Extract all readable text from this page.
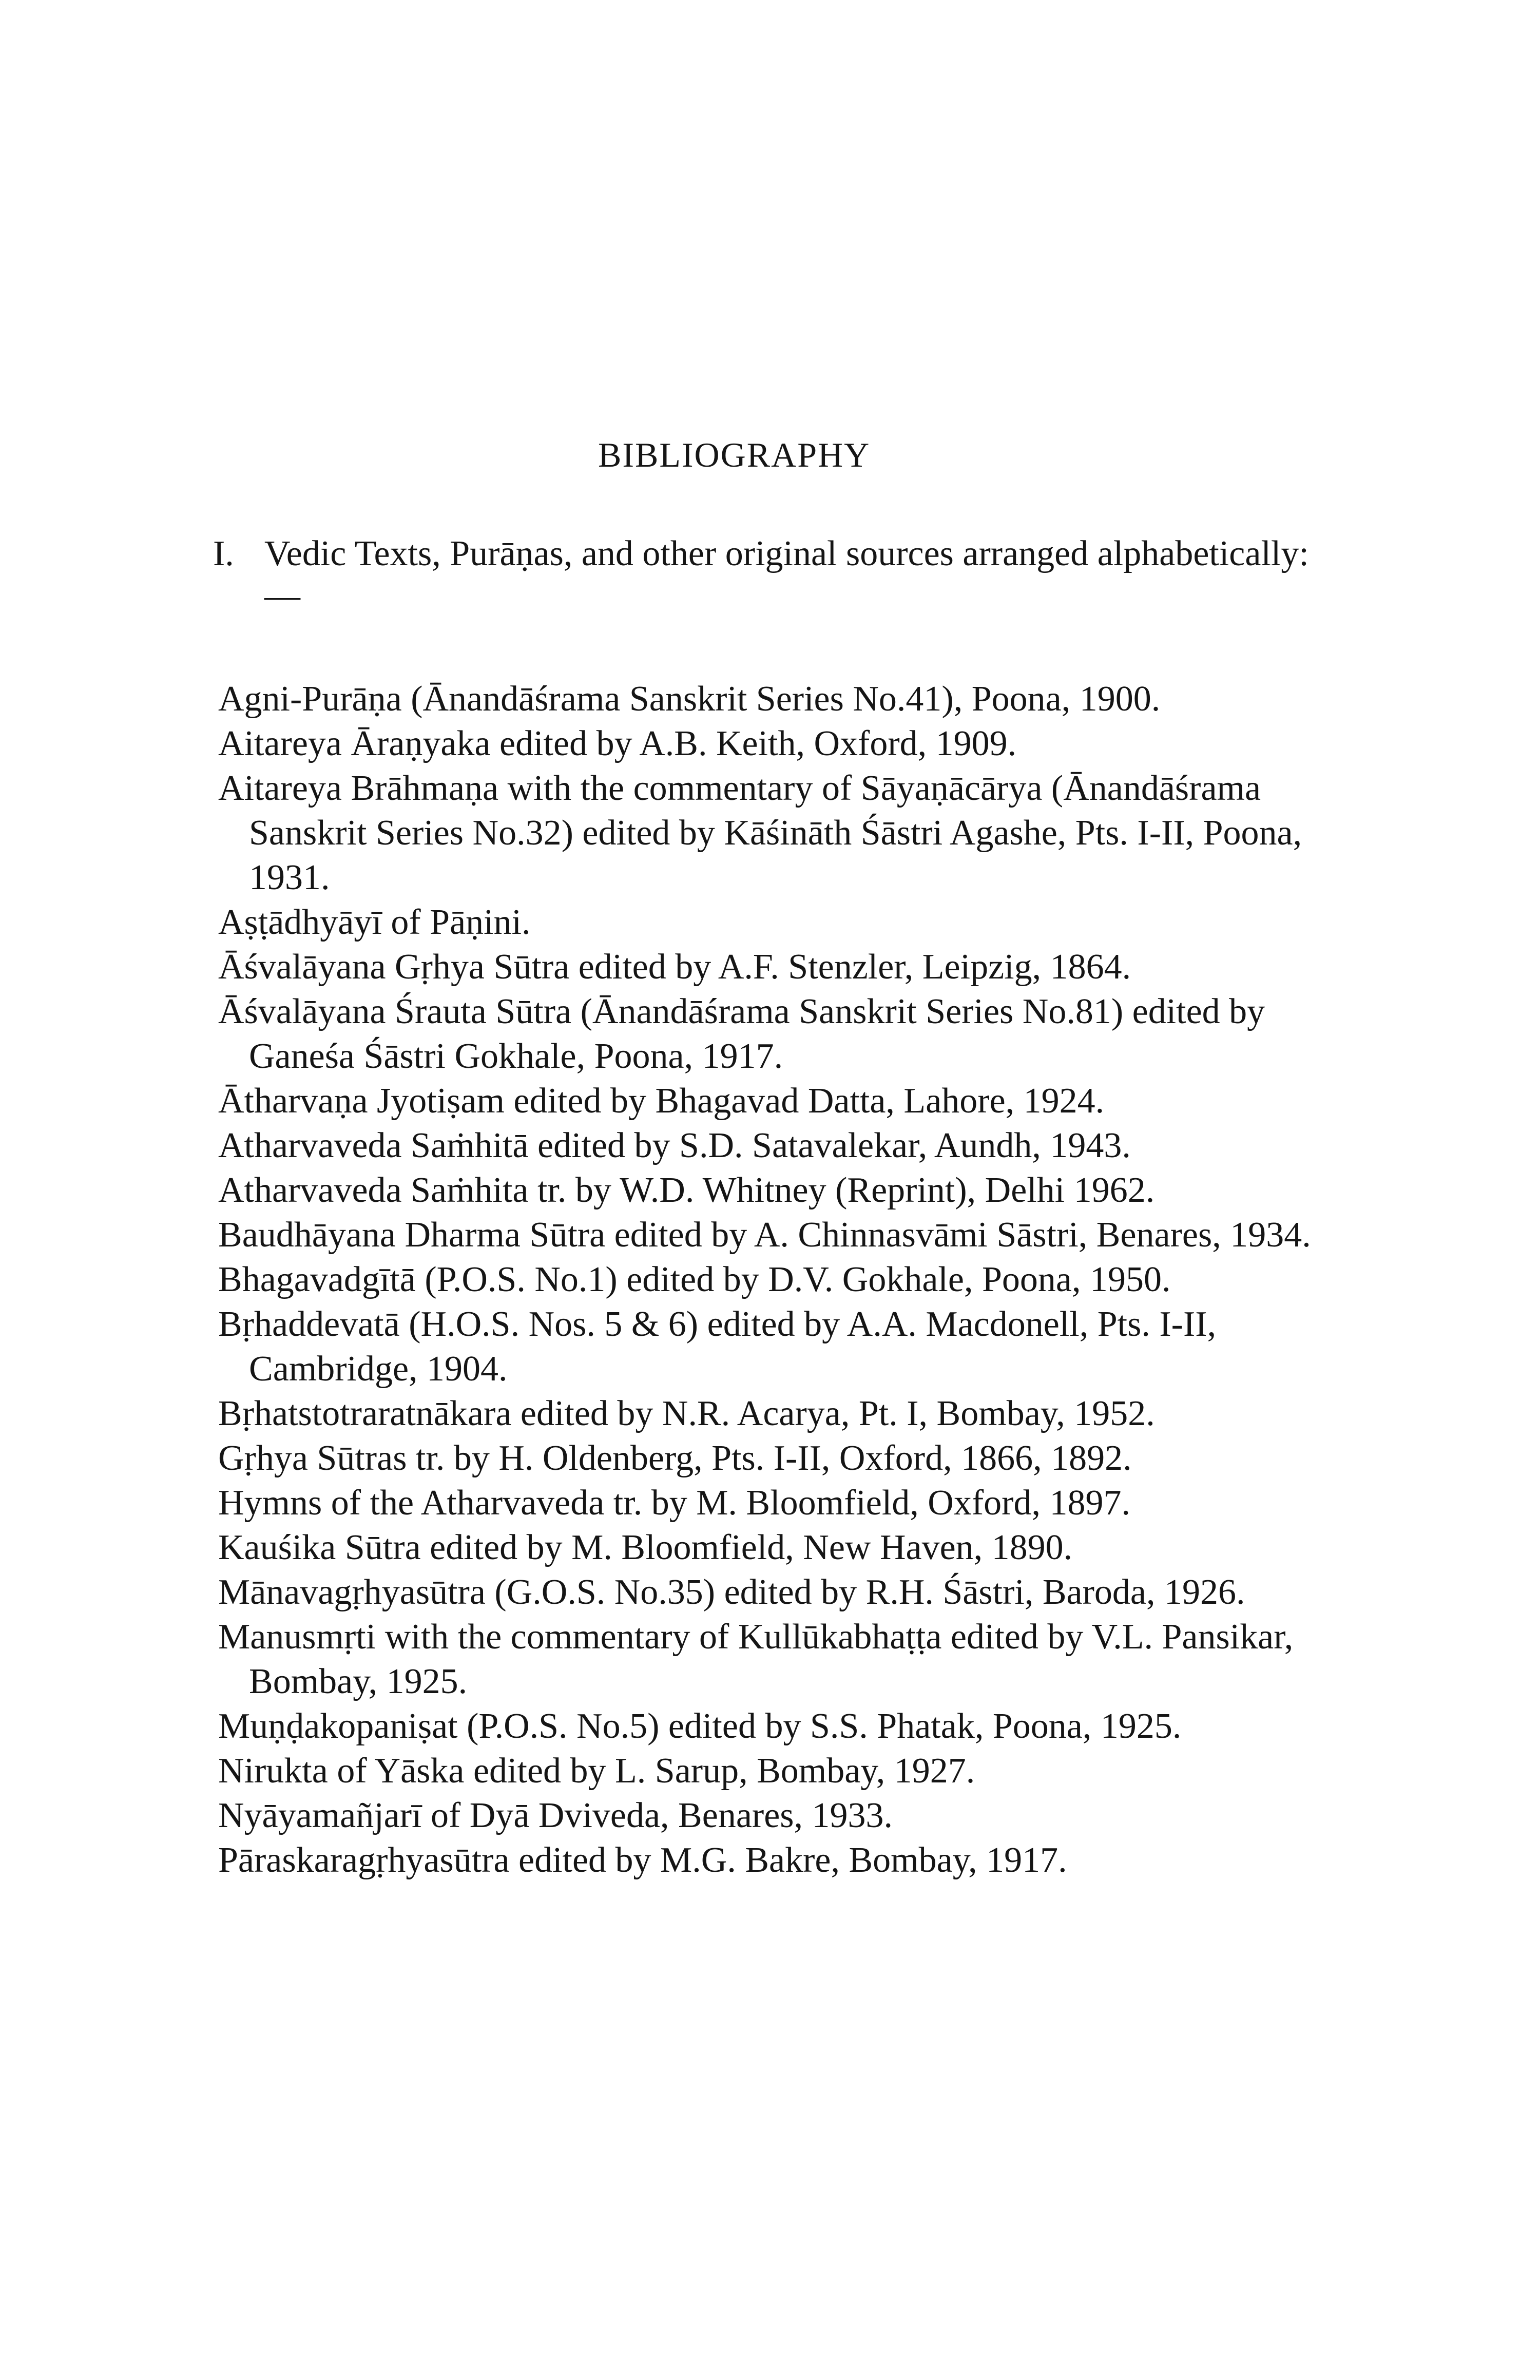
BIBLIOGRAPHY
I. Vedic Texts, Purāṇas, and other original sources arranged alphabetically:—
Agni-Purāṇa (Ānandāśrama Sanskrit Series No.41), Poona, 1900.
Aitareya Āraṇyaka edited by A.B. Keith, Oxford, 1909.
Aitareya Brāhmaṇa with the commentary of Sāyaṇācārya (Ānandāśrama Sanskrit Series No.32) edited by Kāśināth Śāstri Agashe, Pts. I-II, Poona, 1931.
Aṣṭādhyāyī of Pāṇini.
Āśvalāyana Gṛhya Sūtra edited by A.F. Stenzler, Leipzig, 1864.
Āśvalāyana Śrauta Sūtra (Ānandāśrama Sanskrit Series No.81) edited by Ganeśa Śāstri Gokhale, Poona, 1917.
Ātharvaṇa Jyotiṣam edited by Bhagavad Datta, Lahore, 1924.
Atharvaveda Saṁhitā edited by S.D. Satavalekar, Aundh, 1943.
Atharvaveda Saṁhita tr. by W.D. Whitney (Reprint), Delhi 1962.
Baudhāyana Dharma Sūtra edited by A. Chinnasvāmi Sāstri, Benares, 1934.
Bhagavadgītā (P.O.S. No.1) edited by D.V. Gokhale, Poona, 1950.
Bṛhaddevatā (H.O.S. Nos. 5 & 6) edited by A.A. Macdonell, Pts. I-II, Cambridge, 1904.
Bṛhatstotraratnākara edited by N.R. Acarya, Pt. I, Bombay, 1952.
Gṛhya Sūtras tr. by H. Oldenberg, Pts. I-II, Oxford, 1866, 1892.
Hymns of the Atharvaveda tr. by M. Bloomfield, Oxford, 1897.
Kauśika Sūtra edited by M. Bloomfield, New Haven, 1890.
Mānavagṛhyasūtra (G.O.S. No.35) edited by R.H. Śāstri, Baroda, 1926.
Manusmṛti with the commentary of Kullūkabhaṭṭa edited by V.L. Pansikar, Bombay, 1925.
Muṇḍakopaniṣat (P.O.S. No.5) edited by S.S. Phatak, Poona, 1925.
Nirukta of Yāska edited by L. Sarup, Bombay, 1927.
Nyāyamañjarī of Dyā Dviveda, Benares, 1933.
Pāraskaragṛhyasūtra edited by M.G. Bakre, Bombay, 1917.
